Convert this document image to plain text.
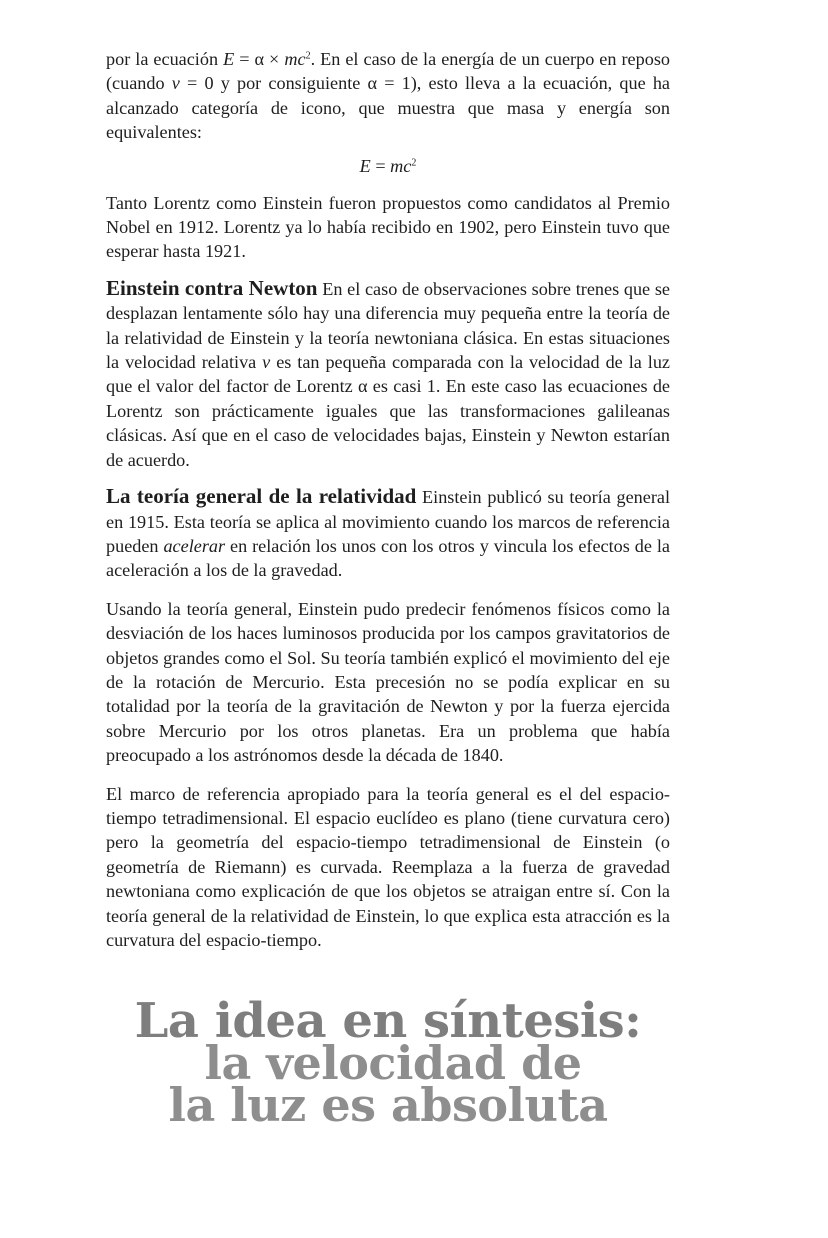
por la ecuación $E = \alpha \times mc^2$. En el caso de la energía de un cuerpo en reposo (cuando v = 0 y por consiguiente α = 1), esto lleva a la ecuación, que ha alcanzado categoría de icono, que muestra que masa y energía son equivalentes:

$E = mc^2$

Tanto Lorentz como Einstein fueron propuestos como candidatos al Premio Nobel en 1912. Lorentz ya lo había recibido en 1902, pero Einstein tuvo que esperar hasta 1921.

Einstein contra Newton En el caso de observaciones sobre trenes que se desplazan lentamente sólo hay una diferencia muy pequeña entre la teoría de la relatividad de Einstein y la teoría newtoniana clásica. En estas situaciones la velocidad relativa v es tan pequeña comparada con la velocidad de la luz que el valor del factor de Lorentz α es casi 1. En este caso las ecuaciones de Lorentz son prácticamente iguales que las transformaciones galileanas clásicas. Así que en el caso de velocidades bajas, Einstein y Newton estarían de acuerdo.

La teoría general de la relatividad Einstein publicó su teoría general en 1915. Esta teoría se aplica al movimiento cuando los marcos de referencia pueden acelerar en relación los unos con los otros y vincula los efectos de la aceleración a los de la gravedad.

Usando la teoría general, Einstein pudo predecir fenómenos físicos como la desviación de los haces luminosos producida por los campos gravitatorios de objetos grandes como el Sol. Su teoría también explicó el movimiento del eje de la rotación de Mercurio. Esta precesión no se podía explicar en su totalidad por la teoría de la gravitación de Newton y por la fuerza ejercida sobre Mercurio por los otros planetas. Era un problema que había preocupado a los astrónomos desde la década de 1840.

El marco de referencia apropiado para la teoría general es el del espacio-tiempo tetradimensional. El espacio euclídeo es plano (tiene curvatura cero) pero la geometría del espacio-tiempo tetradimensional de Einstein (o geometría de Riemann) es curvada. Reemplaza a la fuerza de gravedad newtoniana como explicación de que los objetos se atraigan entre sí. Con la teoría general de la relatividad de Einstein, lo que explica esta atracción es la curvatura del espacio-tiempo.

La idea en síntesis:
la velocidad de
la luz es absoluta
